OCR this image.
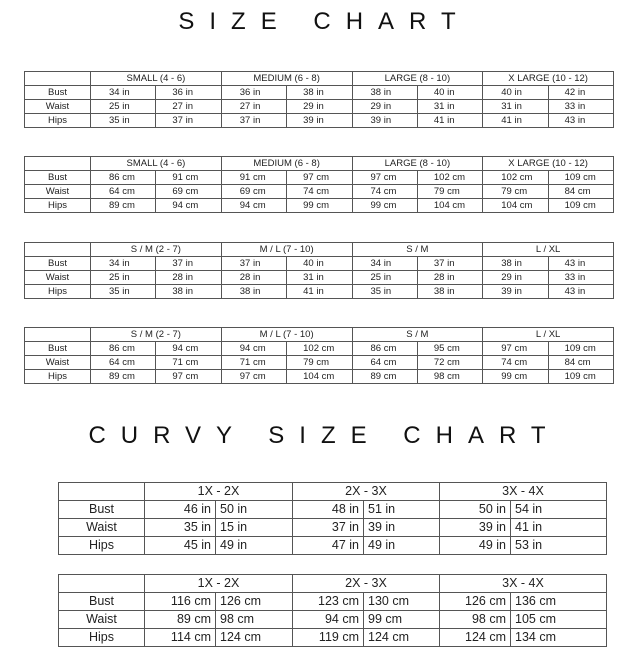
SIZE CHART
	SMALL (4 - 6)		MEDIUM (6 - 8)		LARGE (8 - 10)		X LARGE (10 - 12)	
Bust	34 in	36 in	36 in	38 in	38 in	40 in	40 in	42 in
Waist	25 in	27 in	27 in	29 in	29 in	31 in	31 in	33 in
Hips	35 in	37 in	37 in	39 in	39 in	41 in	41 in	43 in
	SMALL (4 - 6)		MEDIUM (6 - 8)		LARGE (8 - 10)		X LARGE (10 - 12)	
Bust	86 cm	91 cm	91 cm	97 cm	97 cm	102 cm	102 cm	109 cm
Waist	64 cm	69 cm	69 cm	74 cm	74 cm	79 cm	79 cm	84 cm
Hips	89 cm	94 cm	94 cm	99 cm	99 cm	104 cm	104 cm	109 cm
	S / M (2 - 7)		M / L (7 - 10)		S / M		L / XL	
Bust	34 in	37 in	37 in	40 in	34 in	37 in	38 in	43 in
Waist	25 in	28 in	28 in	31 in	25 in	28 in	29 in	33 in
Hips	35 in	38 in	38 in	41 in	35 in	38 in	39 in	43 in
	S / M (2 - 7)		M / L (7 - 10)		S / M		L / XL	
Bust	86 cm	94 cm	94 cm	102 cm	86 cm	95 cm	97 cm	109 cm
Waist	64 cm	71 cm	71 cm	79 cm	64 cm	72 cm	74 cm	84 cm
Hips	89 cm	97 cm	97 cm	104 cm	89 cm	98 cm	99 cm	109 cm
CURVY SIZE CHART
	1X - 2X		2X - 3X		3X - 4X	
Bust	46 in	50 in	48 in	51 in	50 in	54 in
Waist	35 in	15 in	37 in	39 in	39 in	41 in
Hips	45 in	49 in	47 in	49 in	49 in	53 in
	1X - 2X		2X - 3X		3X - 4X	
Bust	116 cm	126 cm	123 cm	130 cm	126 cm	136 cm
Waist	89 cm	98 cm	94 cm	99 cm	98 cm	105 cm
Hips	114 cm	124 cm	119 cm	124 cm	124 cm	134 cm
